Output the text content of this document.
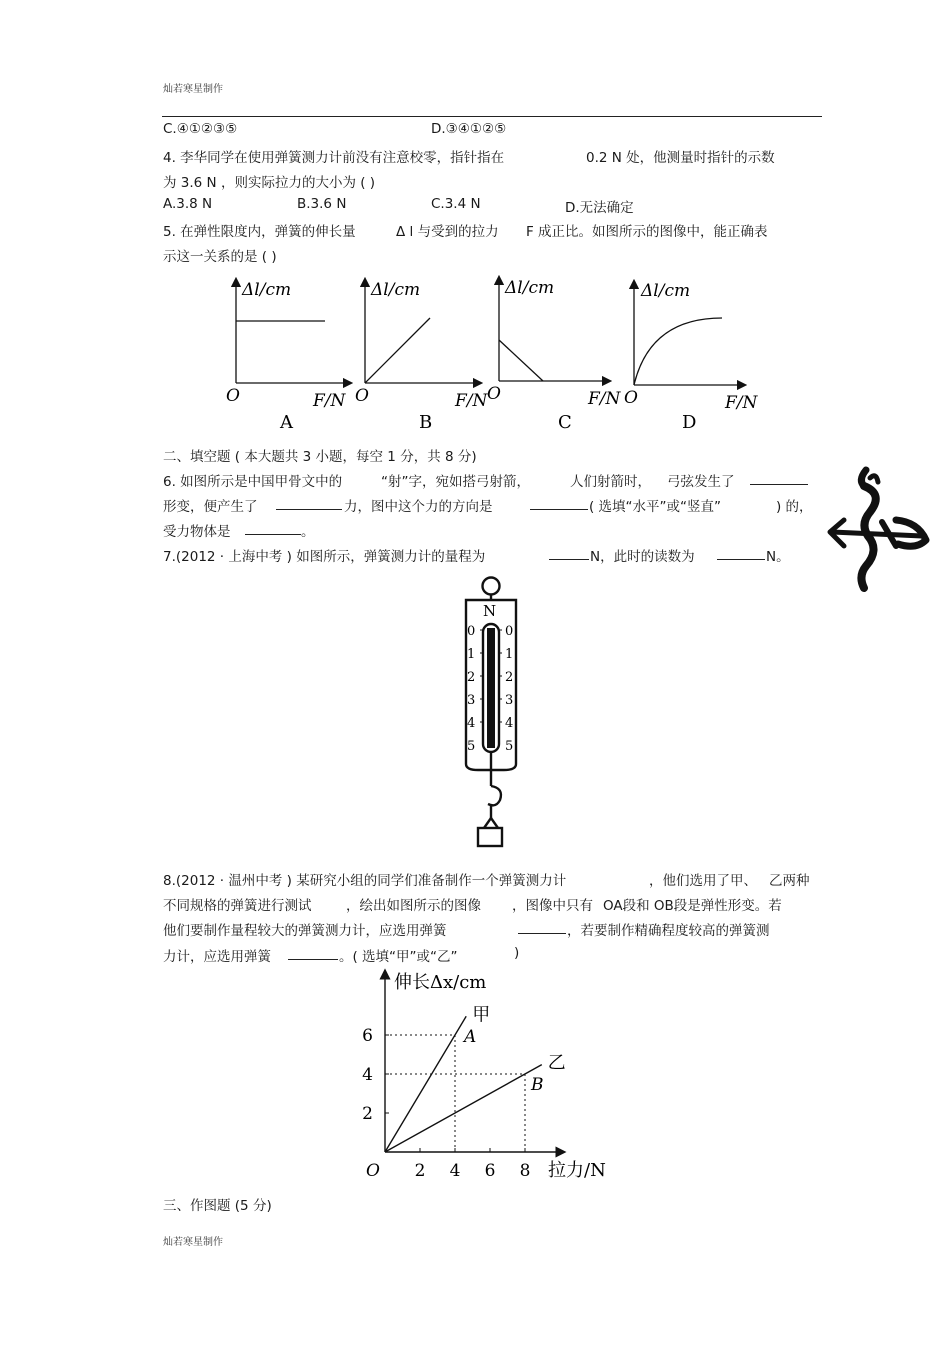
灿若寒星制作
C.④①②③⑤	D.③④①②⑤
4. 李华同学在使用弹簧测力计前没有注意校零，指针指在	0.2 N 处，他测量时指针的示数
为 3.6 N ，则实际拉力的大小为 ( )
A.3.8 N	B.3.6 N	C.3.4 N	D.无法确定
5. 在弹性限度内，弹簧的伸长量	Δ l 与受到的拉力 F 成正比。如图所示的图像中，能正确表
示这一关系的是 ( )
Δl/cm
F/N
O
A
Δl/cm
F/N
O
B
Δl/cm
F/N
O
C
Δl/cm
F/N
O
D
二、填空题 ( 本大题共 3 小题，每空 1 分，共 8 分)
6. 如图所示是中国甲骨文中的	“射”字，宛如搭弓射箭，	人们射箭时， 弓弦发生了
形变，便产生了	力，图中这个力的方向是	( 选填“水平”或“竖直”	) 的，
受力物体是	。
7.(2012 · 上海中考 ) 如图所示，弹簧测力计的量程为	N，此时的读数为	N。
N
0 0
1 1
2 2
3 3
4 4
5 5
8.(2012 · 温州中考 ) 某研究小组的同学们准备制作一个弹簧测力计	，他们选用了甲、 乙两种
不同规格的弹簧进行测试	，绘出如图所示的图像 ，图像中只有 OA段和 OB段是弹性形变。若
他们要制作量程较大的弹簧测力计，应选用弹簧	，若要制作精确程度较高的弹簧测
力计，应选用弹簧	。( 选填“甲”或“乙”	)
伸长Δx/cm
拉力/N
O 2 4 6 8
2
4
6	A
甲
B
乙
三、作图题 (5 分)
灿若寒星制作
